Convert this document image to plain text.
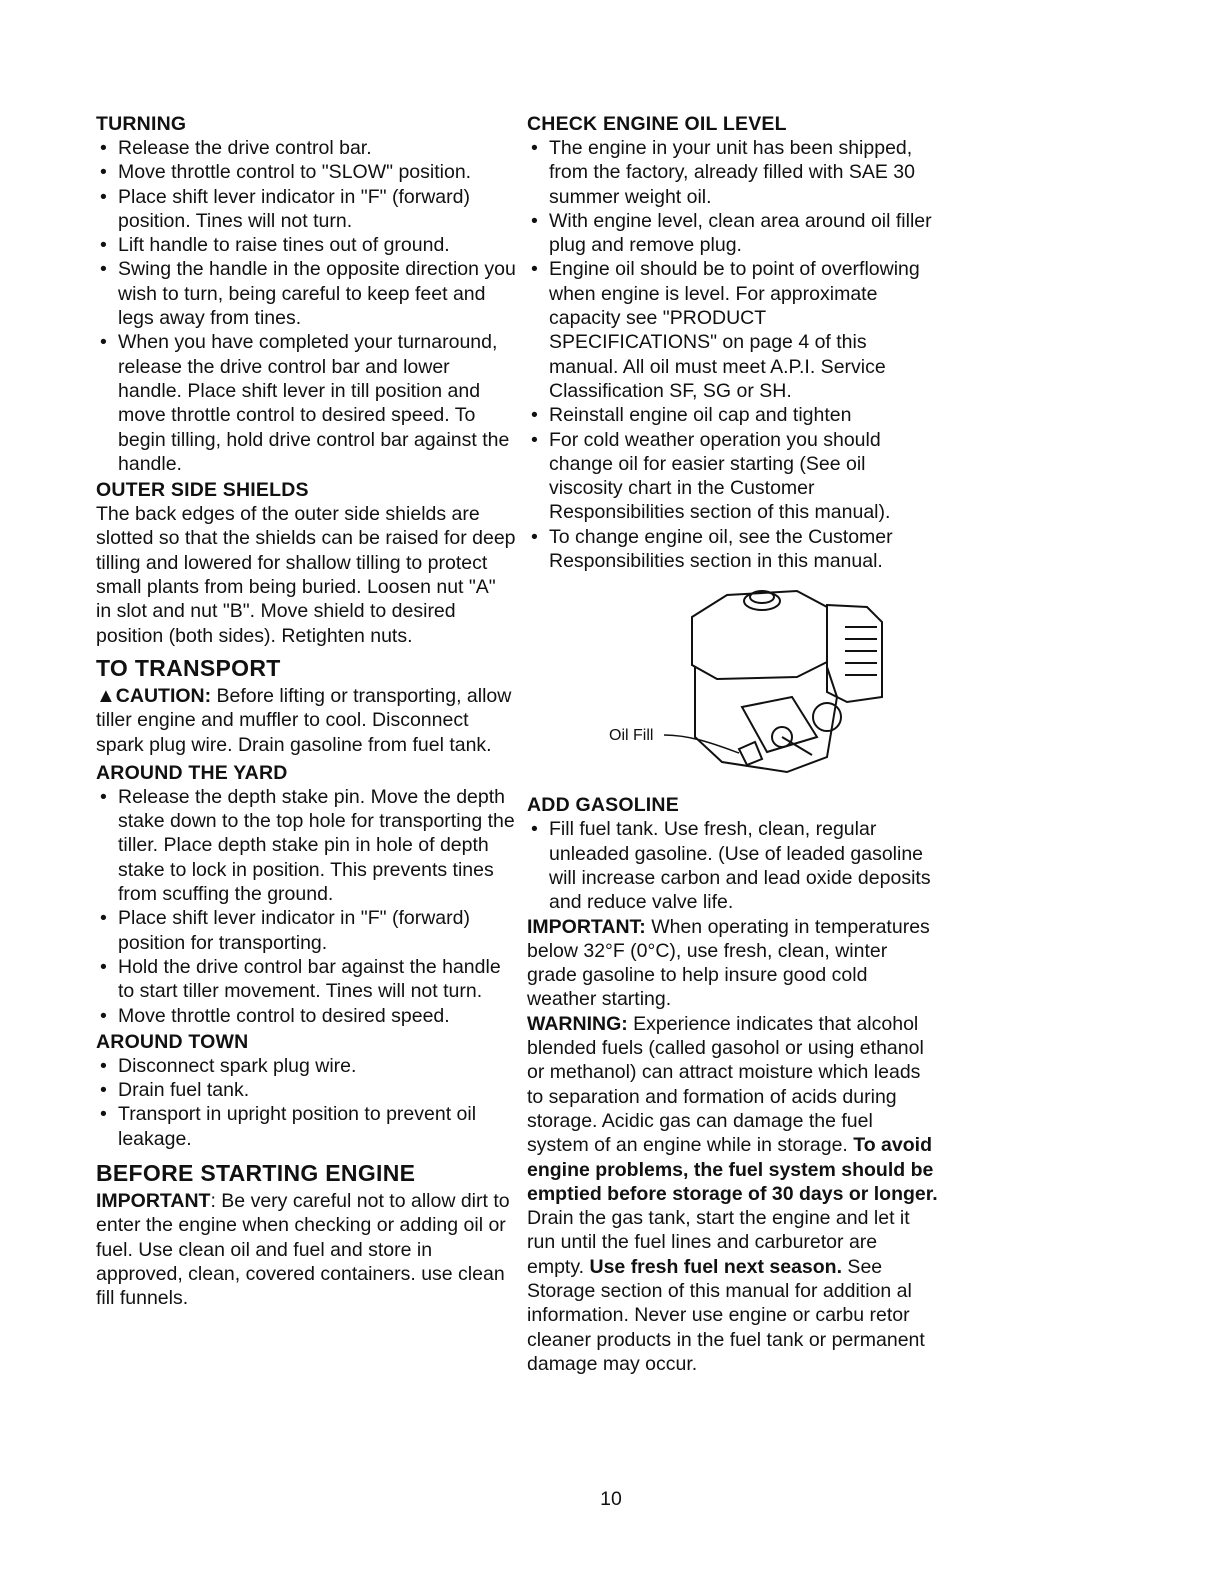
TURNING
• Release the drive control bar.
• Move throttle control to "SLOW" position.
• Place shift lever indicator in "F" (forward) position. Tines will not turn.
• Lift handle to raise tines out of ground.
• Swing the handle in the opposite direction you wish to turn, being careful to keep feet and legs away from tines.
• When you have completed your turnaround, release the drive control bar and lower handle. Place shift lever in till position and move throttle control to desired speed. To begin tilling, hold drive control bar against the handle.
OUTER SIDE SHIELDS

The back edges of the outer side shields are slotted so that the shields can be raised for deep tilling and lowered for shallow tilling to protect small plants from being buried. Loosen nut "A" in slot and nut "B". Move shield to desired position (both sides). Retighten nuts.

TO TRANSPORT

▲CAUTION: Before lifting or transporting, allow tiller engine and muffler to cool. Disconnect spark plug wire. Drain gasoline from fuel tank.

AROUND THE YARD
• Release the depth stake pin. Move the depth stake down to the top hole for transporting the tiller. Place depth stake pin in hole of depth stake to lock in position. This prevents tines from scuffing the ground.
• Place shift lever indicator in "F" (forward) position for transporting.
• Hold the drive control bar against the handle to start tiller movement. Tines will not turn.
• Move throttle control to desired speed.
AROUND TOWN
• Disconnect spark plug wire.
• Drain fuel tank.
• Transport in upright position to prevent oil leakage.
BEFORE STARTING ENGINE

IMPORTANT: Be very careful not to allow dirt to enter the engine when checking or adding oil or fuel. Use clean oil and fuel and store in approved, clean, covered containers. use clean fill funnels.

CHECK ENGINE OIL LEVEL
• The engine in your unit has been shipped, from the factory, already filled with SAE 30 summer weight oil.
• With engine level, clean area around oil filler plug and remove plug.
• Engine oil should be to point of overflowing when engine is level. For approximate capacity see "PRODUCT SPECIFICATIONS" on page 4 of this manual. All oil must meet A.P.I. Service Classification SF, SG or SH.
• Reinstall engine oil cap and tighten
• For cold weather operation you should change oil for easier starting (See oil viscosity chart in the Customer Responsibilities section of this manual).
• To change engine oil, see the Customer Responsibilities section in this manual.
Oil Fill
ADD GASOLINE
• Fill fuel tank. Use fresh, clean, regular unleaded gasoline. (Use of leaded gasoline will increase carbon and lead oxide deposits and reduce valve life.

IMPORTANT: When operating in temperatures below 32°F (0°C), use fresh, clean, winter grade gasoline to help insure good cold weather starting.

WARNING: Experience indicates that alcohol blended fuels (called gasohol or using ethanol or methanol) can attract moisture which leads to separation and formation of acids during storage. Acidic gas can damage the fuel system of an engine while in storage. To avoid engine problems, the fuel system should be emptied before storage of 30 days or longer. Drain the gas tank, start the engine and let it run until the fuel lines and carburetor are empty. Use fresh fuel next season. See Storage section of this manual for addition al information. Never use engine or carbu retor cleaner products in the fuel tank or permanent damage may occur.

10
